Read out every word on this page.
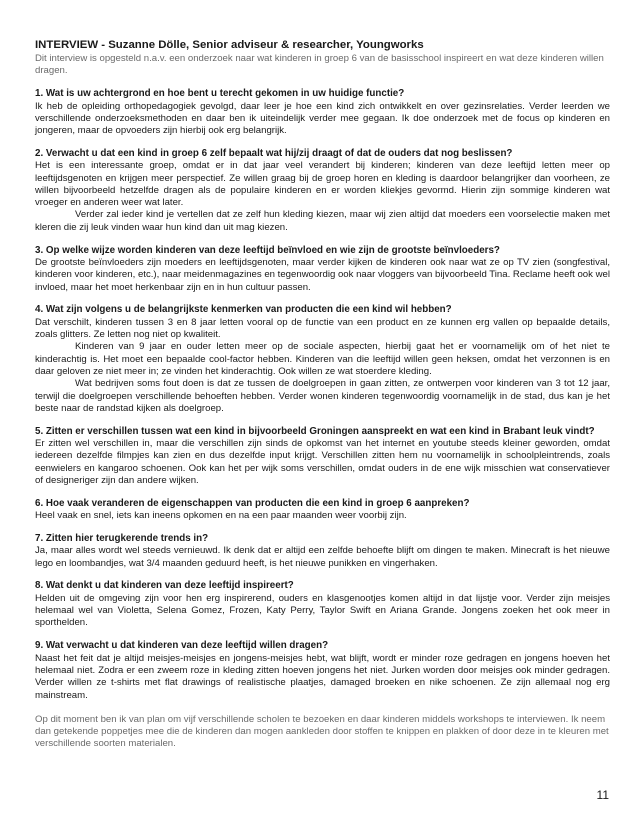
INTERVIEW - Suzanne Dölle, Senior adviseur & researcher, Youngworks

Dit interview is opgesteld n.a.v. een onderzoek naar wat kinderen in groep 6 van de basisschool inspireert en wat deze kinderen willen dragen.

1. Wat is uw achtergrond en hoe bent u terecht gekomen in uw huidige functie?

Ik heb de opleiding orthopedagogiek gevolgd, daar leer je hoe een kind zich ontwikkelt en over gezinsrelaties. Verder leerden we verschillende onderzoeksmethoden en daar ben ik uiteindelijk verder mee gegaan. Ik doe onderzoek met de focus op kinderen en jongeren, maar de opvoeders zijn hierbij ook erg belangrijk.

2. Verwacht u dat een kind in groep 6 zelf bepaalt wat hij/zij draagt of dat de ouders dat nog beslissen?

Het is een interessante groep, omdat er in dat jaar veel verandert bij kinderen; kinderen van deze leeftijd letten meer op leeftijdsgenoten en krijgen meer perspectief. Ze willen graag bij de groep horen en kleding is daardoor belangrijker dan voorheen, ze willen bijvoorbeeld hetzelfde dragen als de populaire kinderen en er worden kliekjes gevormd. Hierin zijn sommige kinderen wat vroeger en anderen weer wat later.

Verder zal ieder kind je vertellen dat ze zelf hun kleding kiezen, maar wij zien altijd dat moeders een voorselectie maken met kleren die zij leuk vinden waar hun kind dan uit mag kiezen.

3. Op welke wijze worden kinderen van deze leeftijd beïnvloed en wie zijn de grootste beïnvloeders?

De grootste beïnvloeders zijn moeders en leeftijdsgenoten, maar verder kijken de kinderen ook naar wat ze op TV zien (songfestival, kinderen voor kinderen, etc.), naar meidenmagazines en tegenwoordig ook naar vloggers van bijvoorbeeld Tina. Reclame heeft ook wel invloed, maar het moet herkenbaar zijn en in hun cultuur passen.

4. Wat zijn volgens u de belangrijkste kenmerken van producten die een kind wil hebben?

Dat verschilt, kinderen tussen 3 en 8 jaar letten vooral op de functie van een product en ze kunnen erg vallen op bepaalde details, zoals glitters. Ze letten nog niet op kwaliteit.

Kinderen van 9 jaar en ouder letten meer op de sociale aspecten, hierbij gaat het er voornamelijk om of het niet te kinderachtig is. Het moet een bepaalde cool-factor hebben. Kinderen van die leeftijd willen geen heksen, omdat het verzonnen is en daar geloven ze niet meer in; ze vinden het kinderachtig. Ook willen ze wat stoerdere kleding.

Wat bedrijven soms fout doen is dat ze tussen de doelgroepen in gaan zitten, ze ontwerpen voor kinderen van 3 tot 12 jaar, terwijl die doelgroepen verschillende behoeften hebben. Verder wonen kinderen tegenwoordig voornamelijk in de stad, dus kan je het beste naar de randstad kijken als doelgroep.

5. Zitten er verschillen tussen wat een kind in bijvoorbeeld Groningen aanspreekt en wat een kind in Brabant leuk vindt?

Er zitten wel verschillen in, maar die verschillen zijn sinds de opkomst van het internet en youtube steeds kleiner geworden, omdat iedereen dezelfde filmpjes kan zien en dus dezelfde input krijgt. Verschillen zitten hem nu voornamelijk in schoolpleintrends, zoals eenwielers en kangaroo schoenen. Ook kan het per wijk soms verschillen, omdat ouders in de ene wijk misschien wat conservatiever of designeriger zijn dan andere wijken.

6. Hoe vaak veranderen de eigenschappen van producten die een kind in groep 6 aanpreken?

Heel vaak en snel, iets kan ineens opkomen en na een paar maanden weer voorbij zijn.

7. Zitten hier terugkerende trends in?

Ja, maar alles wordt wel steeds vernieuwd. Ik denk dat er altijd een zelfde behoefte blijft om dingen te maken. Minecraft is het nieuwe lego en loombandjes, wat 3/4 maanden geduurd heeft, is het nieuwe punikken en vingerhaken.

8. Wat denkt u dat kinderen van deze leeftijd inspireert?

Helden uit de omgeving zijn voor hen erg inspirerend, ouders en klasgenootjes komen altijd in dat lijstje voor. Verder zijn meisjes helemaal wel van Violetta, Selena Gomez, Frozen, Katy Perry, Taylor Swift en Ariana Grande. Jongens zoeken het ook meer in sporthelden.

9. Wat verwacht u dat kinderen van deze leeftijd willen dragen?

Naast het feit dat je altijd meisjes-meisjes en jongens-meisjes hebt, wat blijft, wordt er minder roze gedragen en jongens hoeven het helemaal niet. Zodra er een zweem roze in kleding zitten hoeven jongens het niet. Jurken worden door meisjes ook minder gedragen. Verder willen ze t-shirts met flat drawings of realistische plaatjes, damaged broeken en nike schoenen. Ze zijn allemaal nog erg mainstream.

Op dit moment ben ik van plan om vijf verschillende scholen te bezoeken en daar kinderen middels workshops te interviewen. Ik neem dan getekende poppetjes mee die de kinderen dan mogen aankleden door stoffen te knippen en plakken of door deze in te kleuren met verschillende soorten materialen.

11
